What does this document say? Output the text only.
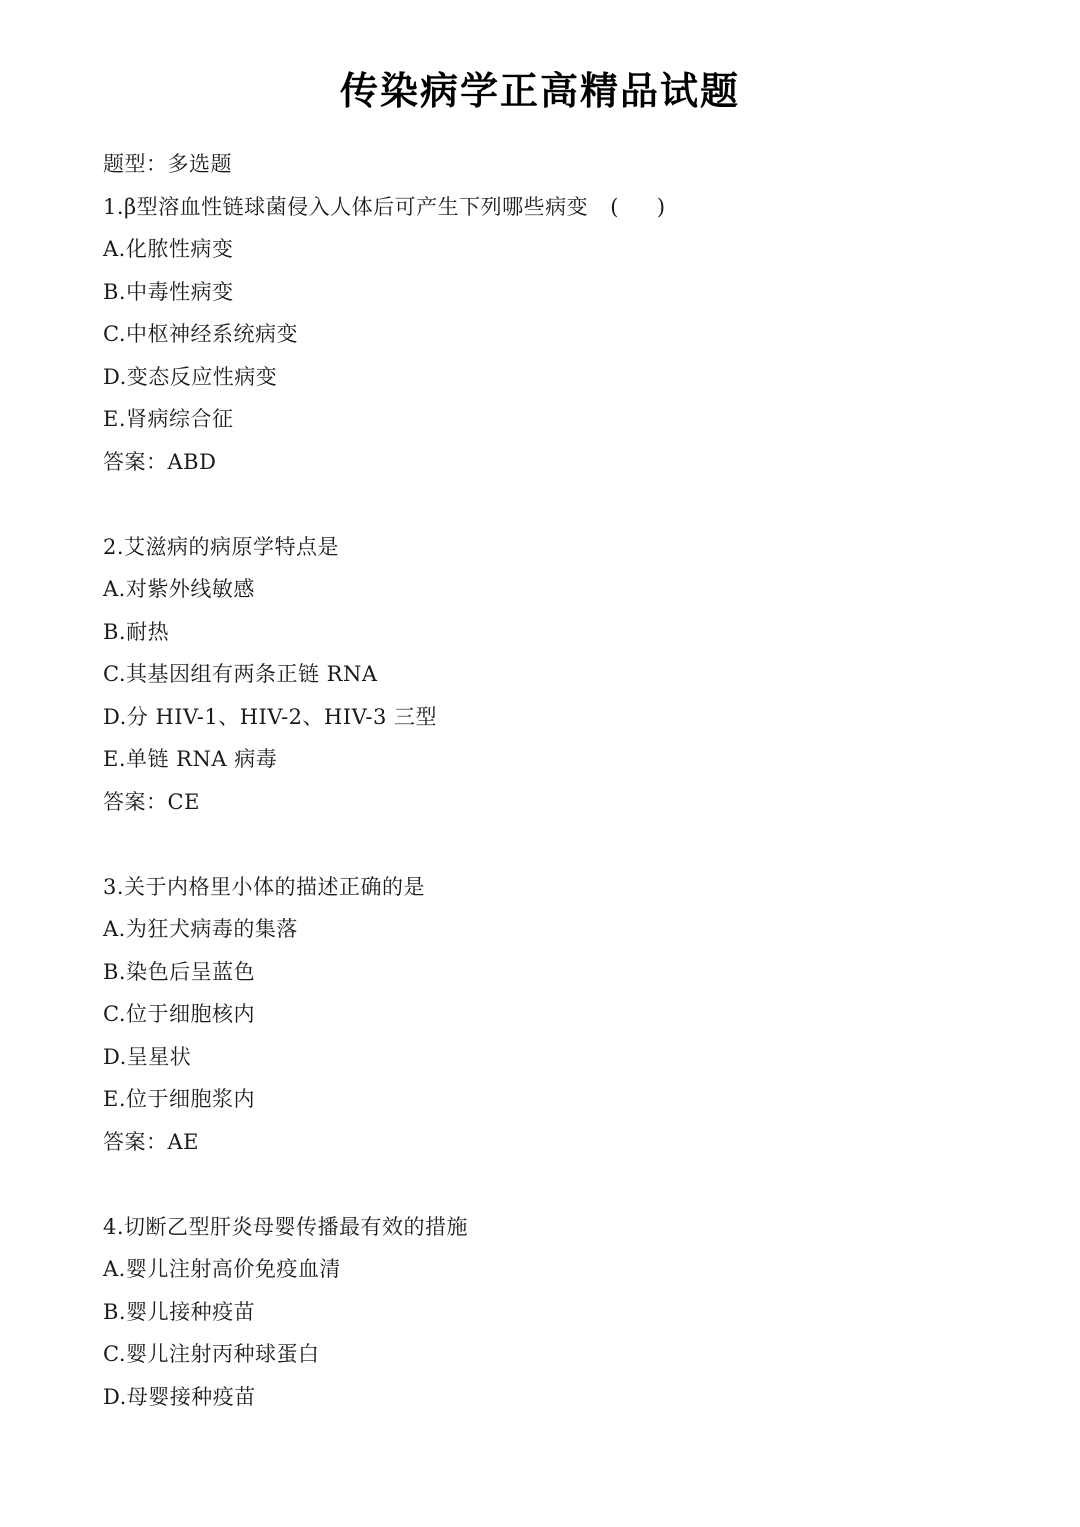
传染病学正高精品试题
题型：多选题
1.β型溶血性链球菌侵入人体后可产生下列哪些病变 ( )
A.化脓性病变
B.中毒性病变
C.中枢神经系统病变
D.变态反应性病变
E.肾病综合征
答案：ABD
2.艾滋病的病原学特点是
A.对紫外线敏感
B.耐热
C.其基因组有两条正链 RNA
D.分 HIV-1、HIV-2、HIV-3 三型
E.单链 RNA 病毒
答案：CE
3.关于内格里小体的描述正确的是
A.为狂犬病毒的集落
B.染色后呈蓝色
C.位于细胞核内
D.呈星状
E.位于细胞浆内
答案：AE
4.切断乙型肝炎母婴传播最有效的措施
A.婴儿注射高价免疫血清
B.婴儿接种疫苗
C.婴儿注射丙种球蛋白
D.母婴接种疫苗
